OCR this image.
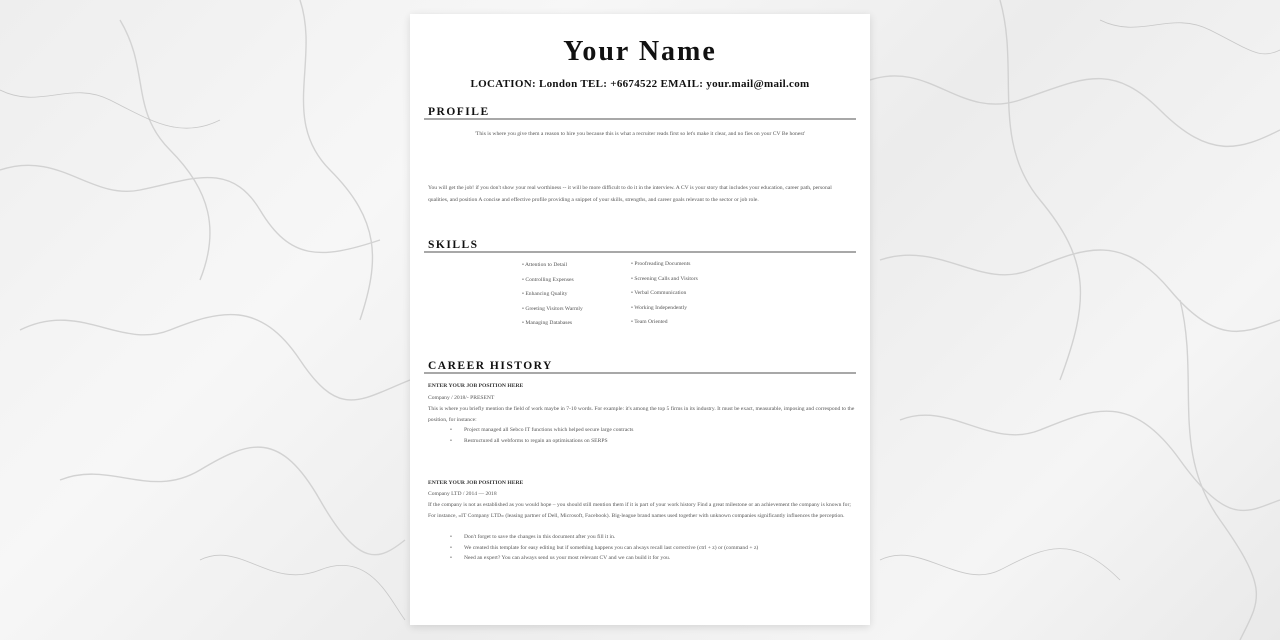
Your Name
LOCATION: London TEL: +6674522 EMAIL: your.mail@mail.com
PROFILE
'This is where you give them a reason to hire you because this is what a recruiter reads first so let's make it clear, and no fies on your CV Be honest'
You will get the job! if you don't show your real worthiness -- it will be more difficult to do it in the interview. A CV is your story that includes your education, career path, personal qualities, and position A concise and effective profile providing a snippet of your skills, strengths, and career goals relevant to the sector or job role.
SKILLS
• Attention to Detail
• Controlling Expenses
• Enhancing Quality
• Greeting Visitors Warmly
• Managing Databases
• Proofreading Documents
• Screening Calls and Visitors
• Verbal Communication
• Working Independently
• Team Oriented
CAREER HISTORY
ENTER YOUR JOB POSITION HERE
Company / 2018/- PRESENT
This is where you briefly mention the field of work maybe in 7-10 words. For example: it's among the top 5 firms in its industry. It must be exact, measurable, imposing and correspond to the position, for instance:
• Project managed all Sebco IT functions which helped secure large contracts
• Restructured all webforms to regain an optimisations on SERPS
ENTER YOUR JOB POSITION HERE
Company LTD / 2014 — 2018
If the company is not as established as you would hope – you should still mention them if it is part of your work history Find a great milestone or an achievement the company is known for; For instance, «IT Company LTD» (leasing partner of Dell, Microsoft, Facebook). Big-league brand names used together with unknown companies significantly influences the perception.
• Don't forget to save the changes in this document after you fill it in.
• We created this template for easy editing but if something happens you can always recall last corrective (ctrl + z) or (command + z)
• Need an expert? You can always send us your most relevant CV and we can build it for you.
